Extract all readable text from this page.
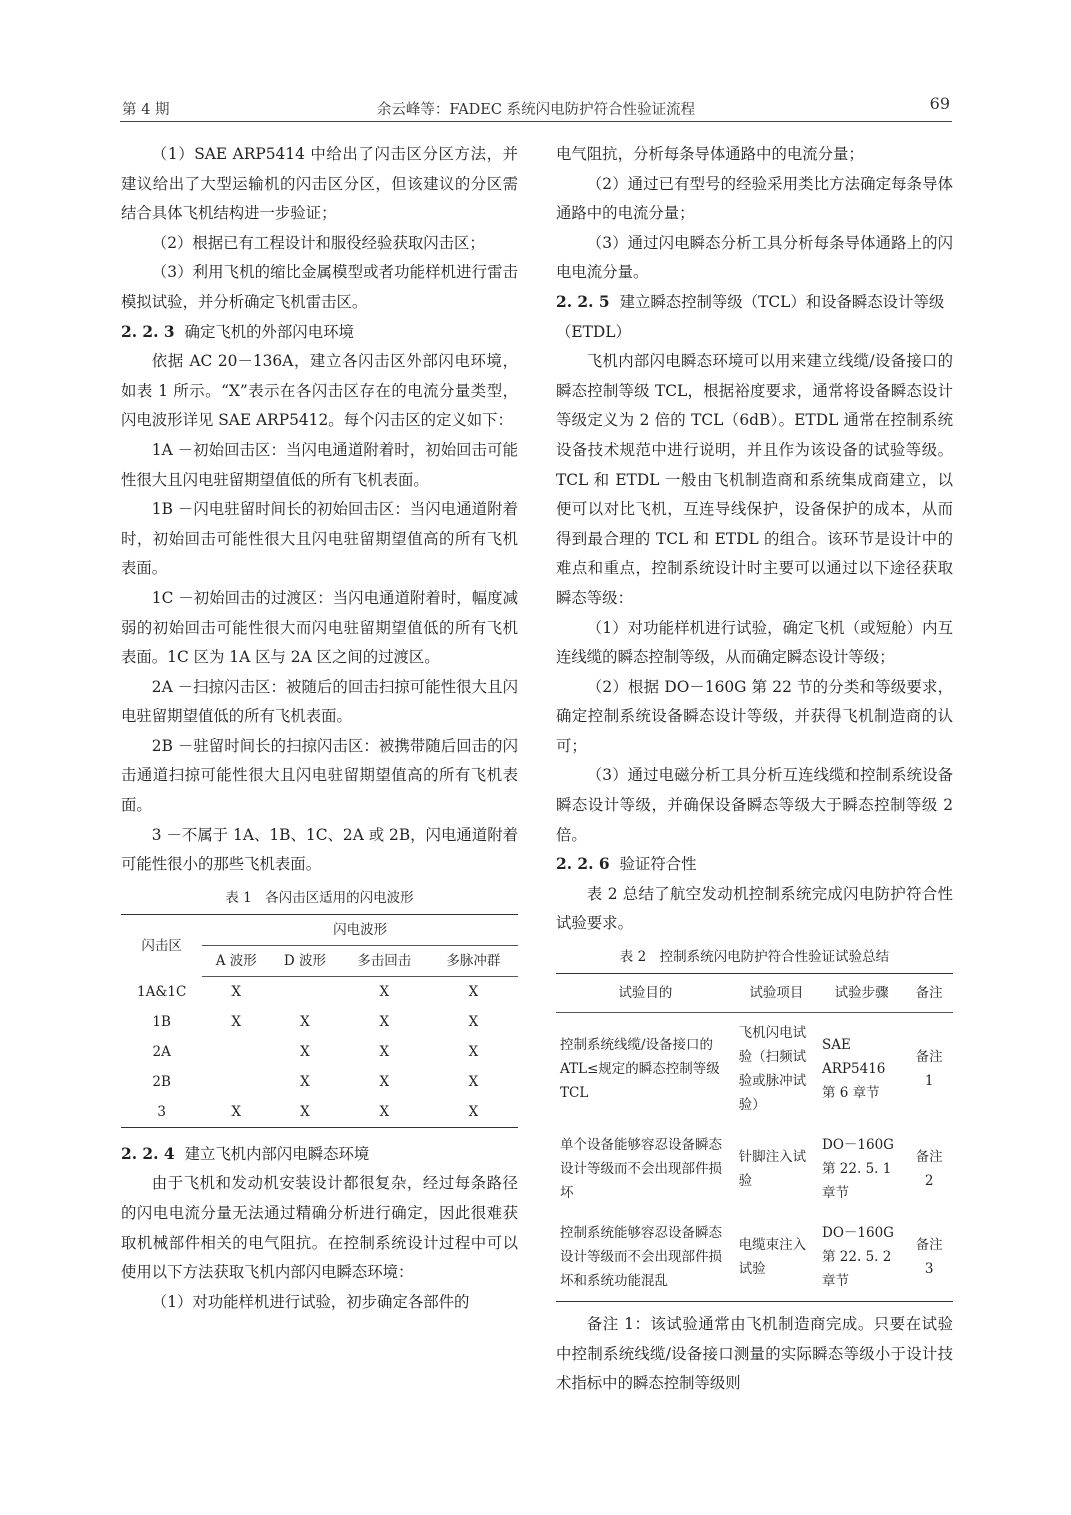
第 4 期	余云峰等：FADEC 系统闪电防护符合性验证流程	69

（1）SAE ARP5414 中给出了闪击区分区方法，并建议给出了大型运输机的闪击区分区，但该建议的分区需结合具体飞机结构进一步验证；

（2）根据已有工程设计和服役经验获取闪击区；

（3）利用飞机的缩比金属模型或者功能样机进行雷击模拟试验，并分析确定飞机雷击区。

2. 2. 3 确定飞机的外部闪电环境

依据 AC 20－136A，建立各闪击区外部闪电环境，如表 1 所示。“X”表示在各闪击区存在的电流分量类型，闪电波形详见 SAE ARP5412。每个闪击区的定义如下：

1A －初始回击区：当闪电通道附着时，初始回击可能性很大且闪电驻留期望值低的所有飞机表面。

1B －闪电驻留时间长的初始回击区：当闪电通道附着时，初始回击可能性很大且闪电驻留期望值高的所有飞机表面。

1C －初始回击的过渡区：当闪电通道附着时，幅度减弱的初始回击可能性很大而闪电驻留期望值低的所有飞机表面。1C 区为 1A 区与 2A 区之间的过渡区。

2A －扫掠闪击区：被随后的回击扫掠可能性很大且闪电驻留期望值低的所有飞机表面。

2B －驻留时间长的扫掠闪击区：被携带随后回击的闪击通道扫掠可能性很大且闪电驻留期望值高的所有飞机表面。

3 －不属于 1A、1B、1C、2A 或 2B，闪电通道附着可能性很小的那些飞机表面。

表 1　各闪击区适用的闪电波形
闪击区	闪电波形			
	A 波形	D 波形	多击回击	多脉冲群
1A&1C	X		X	X
1B	X	X	X	X
2A		X	X	X
2B		X	X	X
3	X	X	X	X
2. 2. 4 建立飞机内部闪电瞬态环境

由于飞机和发动机安装设计都很复杂，经过每条路径的闪电电流分量无法通过精确分析进行确定，因此很难获取机械部件相关的电气阻抗。在控制系统设计过程中可以使用以下方法获取飞机内部闪电瞬态环境：

（1）对功能样机进行试验，初步确定各部件的

电气阻抗，分析每条导体通路中的电流分量；

（2）通过已有型号的经验采用类比方法确定每条导体通路中的电流分量；

（3）通过闪电瞬态分析工具分析每条导体通路上的闪电电流分量。

2. 2. 5 建立瞬态控制等级（TCL）和设备瞬态设计等级（ETDL）

飞机内部闪电瞬态环境可以用来建立线缆/设备接口的瞬态控制等级 TCL，根据裕度要求，通常将设备瞬态设计等级定义为 2 倍的 TCL（6dB）。ETDL 通常在控制系统设备技术规范中进行说明，并且作为该设备的试验等级。TCL 和 ETDL 一般由飞机制造商和系统集成商建立，以便可以对比飞机，互连导线保护，设备保护的成本，从而得到最合理的 TCL 和 ETDL 的组合。该环节是设计中的难点和重点，控制系统设计时主要可以通过以下途径获取瞬态等级：

（1）对功能样机进行试验，确定飞机（或短舱）内互连线缆的瞬态控制等级，从而确定瞬态设计等级；

（2）根据 DO－160G 第 22 节的分类和等级要求，确定控制系统设备瞬态设计等级，并获得飞机制造商的认可；

（3）通过电磁分析工具分析互连线缆和控制系统设备瞬态设计等级，并确保设备瞬态等级大于瞬态控制等级 2 倍。

2. 2. 6 验证符合性

表 2 总结了航空发动机控制系统完成闪电防护符合性试验要求。

表 2　控制系统闪电防护符合性验证试验总结
试验目的	试验项目	试验步骤	备注
控制系统线缆/设备接口的 ATL≤规定的瞬态控制等级 TCL	飞机闪电试验（扫频试验或脉冲试验）	SAE ARP5416 第 6 章节	备注 1
单个设备能够容忍设备瞬态设计等级而不会出现部件损坏	针脚注入试验	DO－160G 第 22. 5. 1 章节	备注 2
控制系统能够容忍设备瞬态设计等级而不会出现部件损坏和系统功能混乱	电缆束注入试验	DO－160G 第 22. 5. 2 章节	备注 3

备注 1：该试验通常由飞机制造商完成。只要在试验中控制系统线缆/设备接口测量的实际瞬态等级小于设计技术指标中的瞬态控制等级则
